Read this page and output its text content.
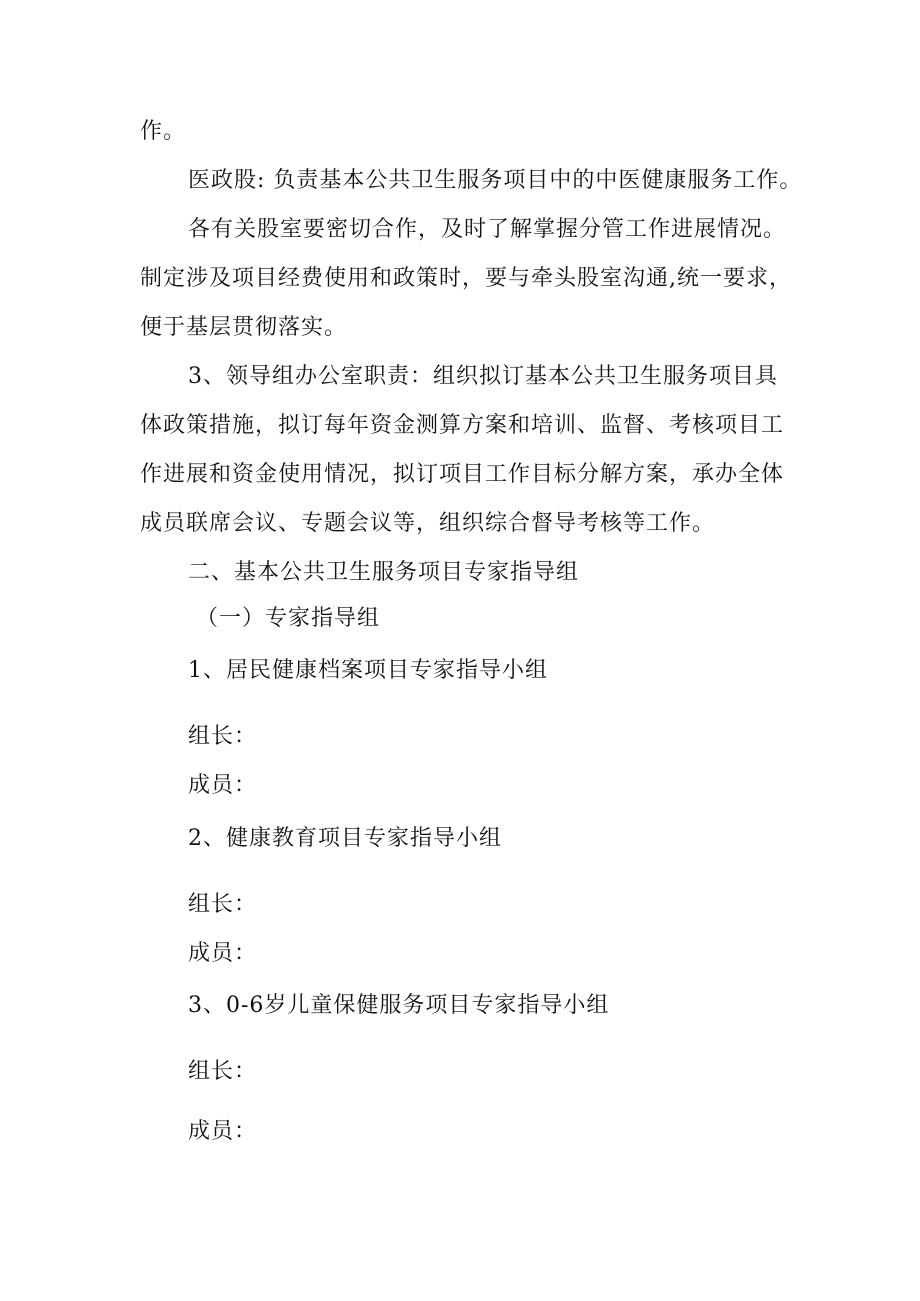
作。

医政股: 负责基本公共卫生服务项目中的中医健康服务工作。

各有关股室要密切合作，及时了解掌握分管工作进展情况。

制定涉及项目经费使用和政策时，要与牵头股室沟通,统一要求，

便于基层贯彻落实。

3、领导组办公室职责：组织拟订基本公共卫生服务项目具

体政策措施，拟订每年资金测算方案和培训、监督、考核项目工

作进展和资金使用情况，拟订项目工作目标分解方案，承办全体

成员联席会议、专题会议等，组织综合督导考核等工作。

二、基本公共卫生服务项目专家指导组

（一）专家指导组

1、居民健康档案项目专家指导小组

组长：

成员：

2、健康教育项目专家指导小组

组长：

成员：

3、0-6岁儿童保健服务项目专家指导小组

组长：

成员：
